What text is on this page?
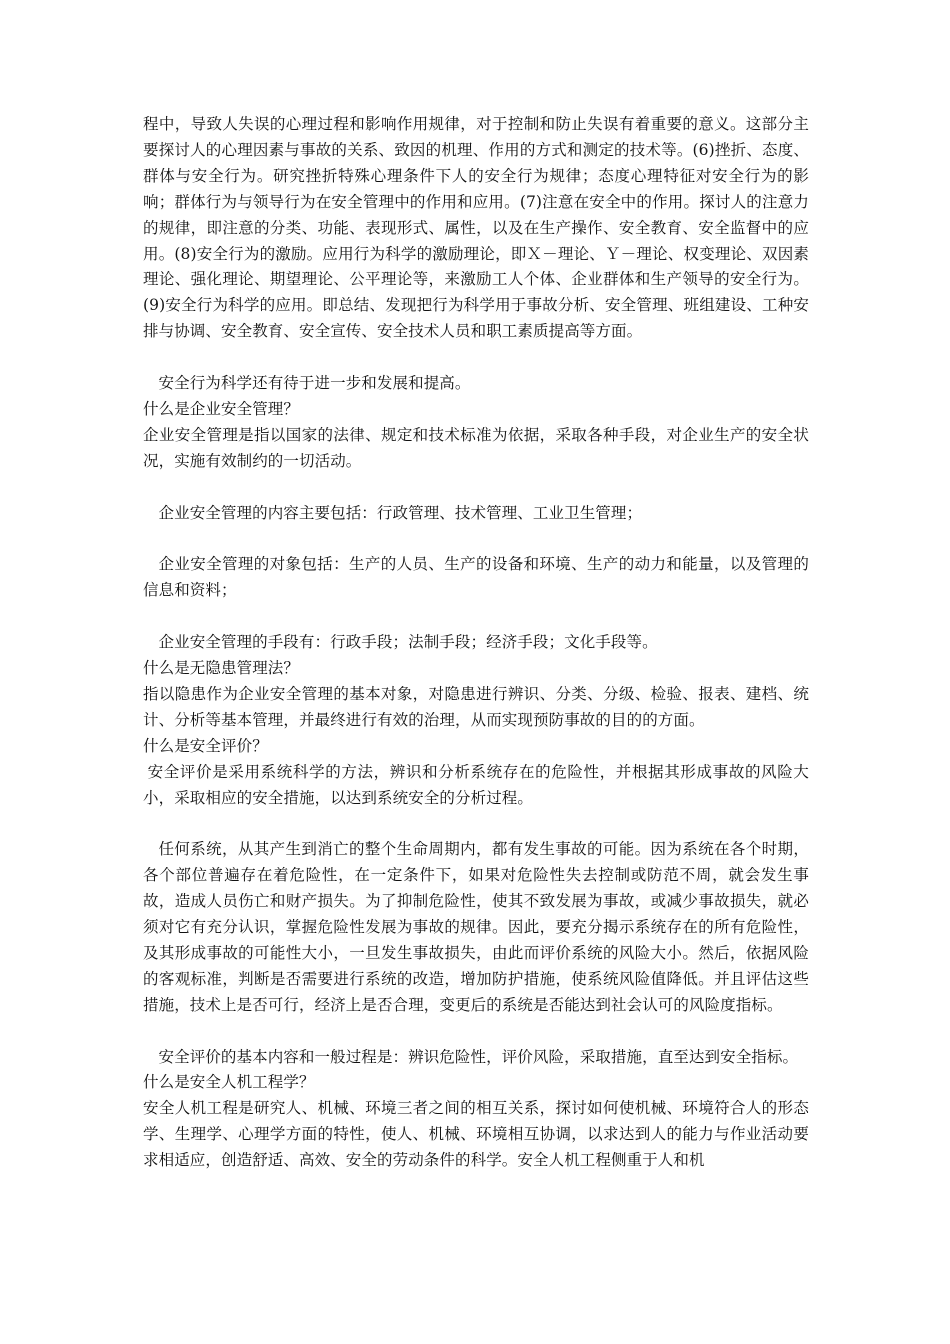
程中，导致人失误的心理过程和影响作用规律，对于控制和防止失误有着重要的意义。这部分主要探讨人的心理因素与事故的关系、致因的机理、作用的方式和测定的技术等。(6)挫折、态度、群体与安全行为。研究挫折特殊心理条件下人的安全行为规律；态度心理特征对安全行为的影响；群体行为与领导行为在安全管理中的作用和应用。(7)注意在安全中的作用。探讨人的注意力的规律，即注意的分类、功能、表现形式、属性，以及在生产操作、安全教育、安全监督中的应用。(8)安全行为的激励。应用行为科学的激励理论，即Ｘ－理论、Ｙ－理论、权变理论、双因素理论、强化理论、期望理论、公平理论等，来激励工人个体、企业群体和生产领导的安全行为。(9)安全行为科学的应用。即总结、发现把行为科学用于事故分析、安全管理、班组建设、工种安排与协调、安全教育、安全宣传、安全技术人员和职工素质提高等方面。

安全行为科学还有待于进一步和发展和提高。

什么是企业安全管理？

企业安全管理是指以国家的法律、规定和技术标准为依据，采取各种手段，对企业生产的安全状况，实施有效制约的一切活动。

企业安全管理的内容主要包括：行政管理、技术管理、工业卫生管理；

企业安全管理的对象包括：生产的人员、生产的设备和环境、生产的动力和能量，以及管理的信息和资料；

企业安全管理的手段有：行政手段；法制手段；经济手段；文化手段等。

什么是无隐患管理法？

指以隐患作为企业安全管理的基本对象，对隐患进行辨识、分类、分级、检验、报表、建档、统计、分析等基本管理，并最终进行有效的治理，从而实现预防事故的目的的方面。

什么是安全评价？

安全评价是采用系统科学的方法，辨识和分析系统存在的危险性，并根据其形成事故的风险大小，采取相应的安全措施，以达到系统安全的分析过程。

任何系统，从其产生到消亡的整个生命周期内，都有发生事故的可能。因为系统在各个时期，各个部位普遍存在着危险性，在一定条件下，如果对危险性失去控制或防范不周，就会发生事故，造成人员伤亡和财产损失。为了抑制危险性，使其不致发展为事故，或减少事故损失，就必须对它有充分认识，掌握危险性发展为事故的规律。因此，要充分揭示系统存在的所有危险性，及其形成事故的可能性大小，一旦发生事故损失，由此而评价系统的风险大小。然后，依据风险的客观标准，判断是否需要进行系统的改造，增加防护措施，使系统风险值降低。并且评估这些措施，技术上是否可行，经济上是否合理，变更后的系统是否能达到社会认可的风险度指标。

安全评价的基本内容和一般过程是：辨识危险性，评价风险，采取措施，直至达到安全指标。

什么是安全人机工程学？

安全人机工程是研究人、机械、环境三者之间的相互关系，探讨如何使机械、环境符合人的形态学、生理学、心理学方面的特性，使人、机械、环境相互协调，以求达到人的能力与作业活动要求相适应，创造舒适、高效、安全的劳动条件的科学。安全人机工程侧重于人和机
